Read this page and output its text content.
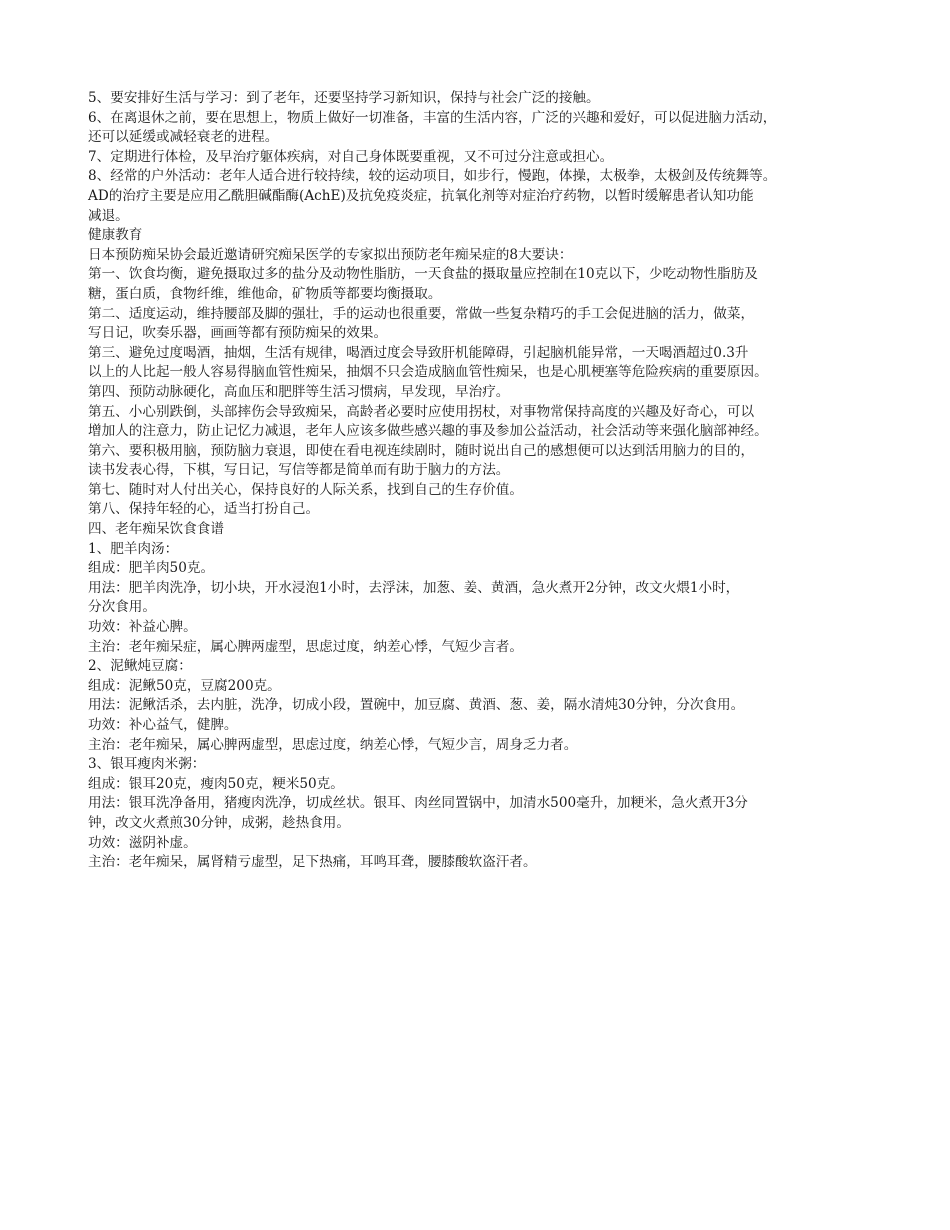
5、要安排好生活与学习：到了老年，还要坚持学习新知识，保持与社会广泛的接触。

6、在离退休之前，要在思想上，物质上做好一切准备，丰富的生活内容，广泛的兴趣和爱好，可以促进脑力活动，

还可以延缓或减轻衰老的进程。

7、定期进行体检，及早治疗躯体疾病，对自己身体既要重视，又不可过分注意或担心。

8、经常的户外活动：老年人适合进行较持续，较的运动项目，如步行，慢跑，体操，太极拳，太极剑及传统舞等。

AD的治疗主要是应用乙酰胆碱酯酶(AchE)及抗免疫炎症，抗氧化剂等对症治疗药物，以暂时缓解患者认知功能

减退。

健康教育

日本预防痴呆协会最近邀请研究痴呆医学的专家拟出预防老年痴呆症的8大要诀：

第一、饮食均衡，避免摄取过多的盐分及动物性脂肪，一天食盐的摄取量应控制在10克以下，少吃动物性脂肪及

糖，蛋白质，食物纤维，维他命，矿物质等都要均衡摄取。

第二、适度运动，维持腰部及脚的强壮，手的运动也很重要，常做一些复杂精巧的手工会促进脑的活力，做菜，

写日记，吹奏乐器，画画等都有预防痴呆的效果。

第三、避免过度喝酒，抽烟，生活有规律，喝酒过度会导致肝机能障碍，引起脑机能异常，一天喝酒超过0.3升

以上的人比起一般人容易得脑血管性痴呆，抽烟不只会造成脑血管性痴呆，也是心肌梗塞等危险疾病的重要原因。

第四、预防动脉硬化，高血压和肥胖等生活习惯病，早发现，早治疗。

第五、小心别跌倒，头部摔伤会导致痴呆，高龄者必要时应使用拐杖，对事物常保持高度的兴趣及好奇心，可以

增加人的注意力，防止记忆力减退，老年人应该多做些感兴趣的事及参加公益活动，社会活动等来强化脑部神经。

第六、要积极用脑，预防脑力衰退，即使在看电视连续剧时，随时说出自己的感想便可以达到活用脑力的目的，

读书发表心得，下棋，写日记，写信等都是简单而有助于脑力的方法。

第七、随时对人付出关心，保持良好的人际关系，找到自己的生存价值。

第八、保持年轻的心，适当打扮自己。

四、老年痴呆饮食食谱

1、肥羊肉汤：

组成：肥羊肉50克。

用法：肥羊肉洗净，切小块，开水浸泡1小时，去浮沫，加葱、姜、黄酒，急火煮开2分钟，改文火煨1小时，

分次食用。

功效：补益心脾。

主治：老年痴呆症，属心脾两虚型，思虑过度，纳差心悸，气短少言者。

2、泥鳅炖豆腐：

组成：泥鳅50克，豆腐200克。

用法：泥鳅活杀，去内脏，洗净，切成小段，置碗中，加豆腐、黄酒、葱、姜，隔水清炖30分钟，分次食用。

功效：补心益气，健脾。

主治：老年痴呆，属心脾两虚型，思虑过度，纳差心悸，气短少言，周身乏力者。

3、银耳瘦肉米粥：

组成：银耳20克，瘦肉50克，粳米50克。

用法：银耳洗净备用，猪瘦肉洗净，切成丝状。银耳、肉丝同置锅中，加清水500毫升，加粳米，急火煮开3分

钟，改文火煮煎30分钟，成粥，趁热食用。

功效：滋阴补虚。

主治：老年痴呆，属肾精亏虚型，足下热痛，耳鸣耳聋，腰膝酸软盗汗者。
